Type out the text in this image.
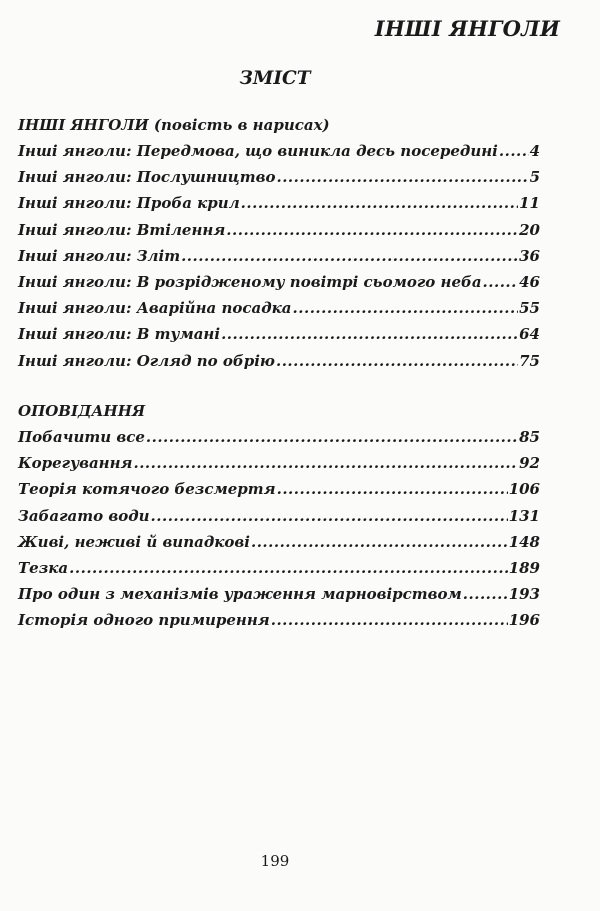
ІНШІ ЯНГОЛИ
ЗМІСТ
ІНШІ ЯНГОЛИ (повість в нарисах)
Інші янголи: Передмова, що виникла десь посередині ..... 4
Інші янголи: Послушництво .....	5
Інші янголи: Проба крил .....	11
Інші янголи: Втілення .....	20
Інші янголи: Зліт .....	36
Інші янголи: В розрідженому повітрі сьомого неба .....	46
Інші янголи: Аварійна посадка .....	55
Інші янголи: В тумані .....	64
Інші янголи: Огляд по обрію .....	75
ОПОВІДАННЯ
Побачити все .....	85
Корегування .....	92
Теорія котячого безсмертя .....	106
Забагато води .....	131
Живі, неживі й випадкові .....	148
Тезка .....	189
Про один з механізмів ураження марновірством .....	193
Історія одного примирення .....	196
199
